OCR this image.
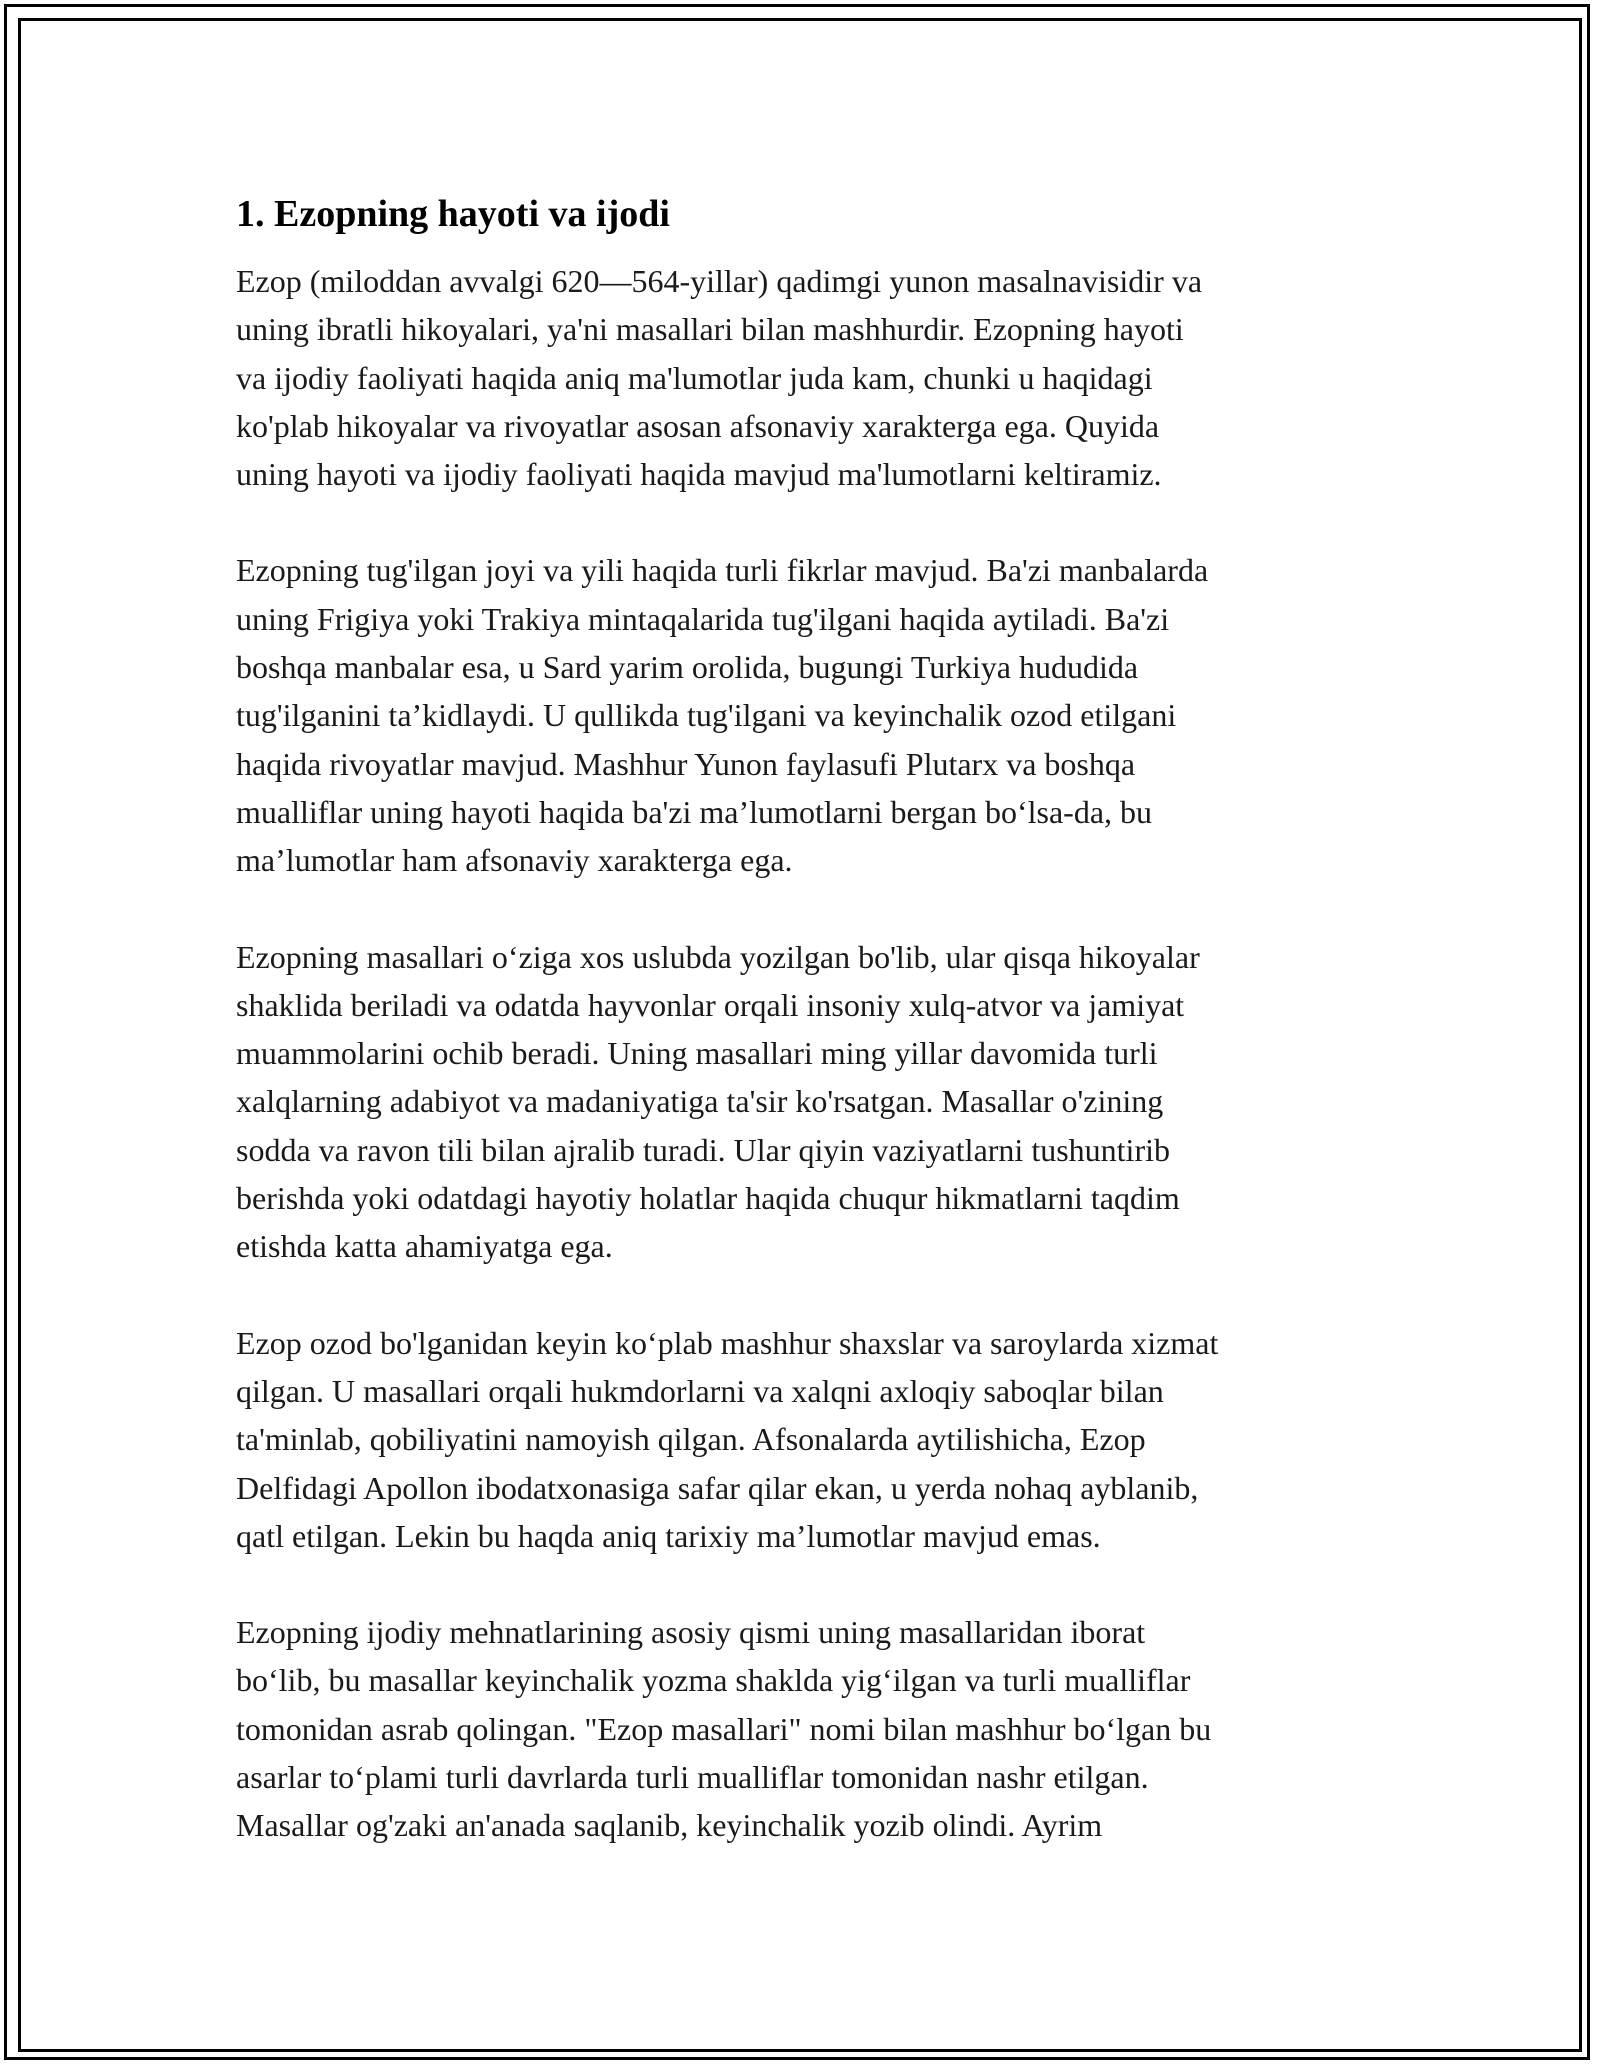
1. Ezopning hayoti va ijodi
Ezop (miloddan avvalgi 620—564-yillar) qadimgi yunon masalnavisidir va
uning ibratli hikoyalari, ya'ni masallari bilan mashhurdir. Ezopning hayoti
va ijodiy faoliyati haqida aniq ma'lumotlar juda kam, chunki u haqidagi
ko'plab hikoyalar va rivoyatlar asosan afsonaviy xarakterga ega. Quyida
uning hayoti va ijodiy faoliyati haqida mavjud ma'lumotlarni keltiramiz.
Ezopning tug'ilgan joyi va yili haqida turli fikrlar mavjud. Ba'zi manbalarda
uning Frigiya yoki Trakiya mintaqalarida tug'ilgani haqida aytiladi. Ba'zi
boshqa manbalar esa, u Sard yarim orolida, bugungi Turkiya hududida
tug'ilganini ta’kidlaydi. U qullikda tug'ilgani va keyinchalik ozod etilgani
haqida rivoyatlar mavjud. Mashhur Yunon faylasufi Plutarx va boshqa
mualliflar uning hayoti haqida ba'zi ma’lumotlarni bergan bo‘lsa-da, bu
ma’lumotlar ham afsonaviy xarakterga ega.
Ezopning masallari o‘ziga xos uslubda yozilgan bo'lib, ular qisqa hikoyalar
shaklida beriladi va odatda hayvonlar orqali insoniy xulq-atvor va jamiyat
muammolarini ochib beradi. Uning masallari ming yillar davomida turli
xalqlarning adabiyot va madaniyatiga ta'sir ko'rsatgan. Masallar o'zining
sodda va ravon tili bilan ajralib turadi. Ular qiyin vaziyatlarni tushuntirib
berishda yoki odatdagi hayotiy holatlar haqida chuqur hikmatlarni taqdim
etishda katta ahamiyatga ega.
Ezop ozod bo'lganidan keyin ko‘plab mashhur shaxslar va saroylarda xizmat
qilgan. U masallari orqali hukmdorlarni va xalqni axloqiy saboqlar bilan
ta'minlab, qobiliyatini namoyish qilgan. Afsonalarda aytilishicha, Ezop
Delfidagi Apollon ibodatxonasiga safar qilar ekan, u yerda nohaq ayblanib,
qatl etilgan. Lekin bu haqda aniq tarixiy ma’lumotlar mavjud emas.
Ezopning ijodiy mehnatlarining asosiy qismi uning masallaridan iborat
bo‘lib, bu masallar keyinchalik yozma shaklda yig‘ilgan va turli mualliflar
tomonidan asrab qolingan. "Ezop masallari" nomi bilan mashhur bo‘lgan bu
asarlar to‘plami turli davrlarda turli mualliflar tomonidan nashr etilgan.
Masallar og'zaki an'anada saqlanib, keyinchalik yozib olindi. Ayrim
